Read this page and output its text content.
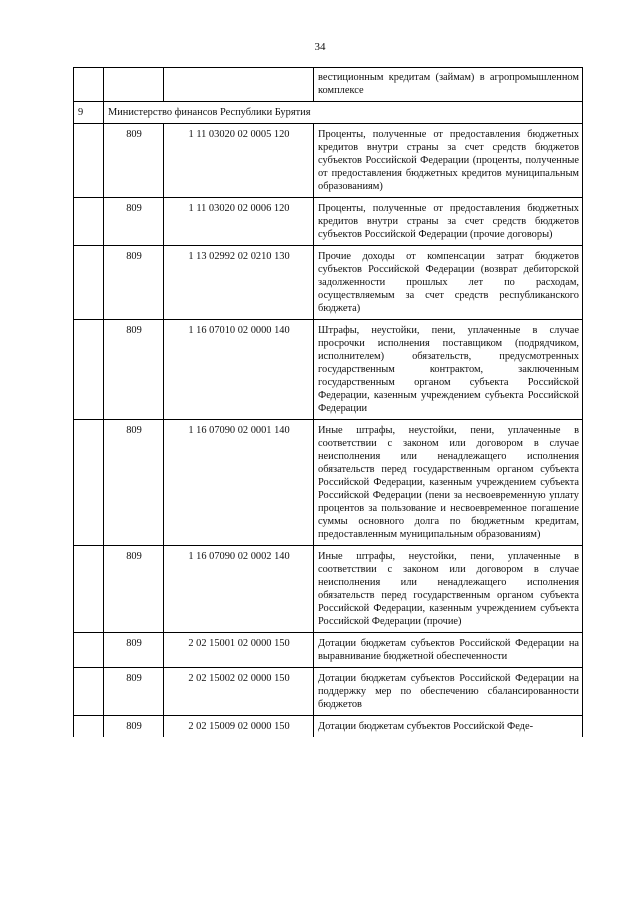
34
			вестиционным кредитам (займам) в агропромышленном комплексе
9	Министерство финансов Республики Бурятия		
	809	1 11 03020 02 0005 120	Проценты, полученные от предоставления бюджетных кредитов внутри страны за счет средств бюджетов субъектов Российской Федерации (проценты, полученные от предоставления бюджетных кредитов муниципальным образованиям)
	809	1 11 03020 02 0006 120	Проценты, полученные от предоставления бюджетных кредитов внутри страны за счет средств бюджетов субъектов Российской Федерации (прочие договоры)
	809	1 13 02992 02 0210 130	Прочие доходы от компенсации затрат бюджетов субъектов Российской Федерации (возврат дебиторской задолженности прошлых лет по расходам, осуществляемым за счет средств республиканского бюджета)
	809	1 16 07010 02 0000 140	Штрафы, неустойки, пени, уплаченные в случае просрочки исполнения поставщиком (подрядчиком, исполнителем) обязательств, предусмотренных государственным контрактом, заключенным государственным органом субъекта Российской Федерации, казенным учреждением субъекта Российской Федерации
	809	1 16 07090 02 0001 140	Иные штрафы, неустойки, пени, уплаченные в соответствии с законом или договором в случае неисполнения или ненадлежащего исполнения обязательств перед государственным органом субъекта Российской Федерации, казенным учреждением субъекта Российской Федерации (пени за несвоевременную уплату процентов за пользование и несвоевременное погашение суммы основного долга по бюджетным кредитам, предоставленным муниципальным образованиям)
	809	1 16 07090 02 0002 140	Иные штрафы, неустойки, пени, уплаченные в соответствии с законом или договором в случае неисполнения или ненадлежащего исполнения обязательств перед государственным органом субъекта Российской Федерации, казенным учреждением субъекта Российской Федерации (прочие)
	809	2 02 15001 02 0000 150	Дотации бюджетам субъектов Российской Федерации на выравнивание бюджетной обеспеченности
	809	2 02 15002 02 0000 150	Дотации бюджетам субъектов Российской Федерации на поддержку мер по обеспечению сбалансированности бюджетов
	809	2 02 15009 02 0000 150	Дотации бюджетам субъектов Российской Феде-
